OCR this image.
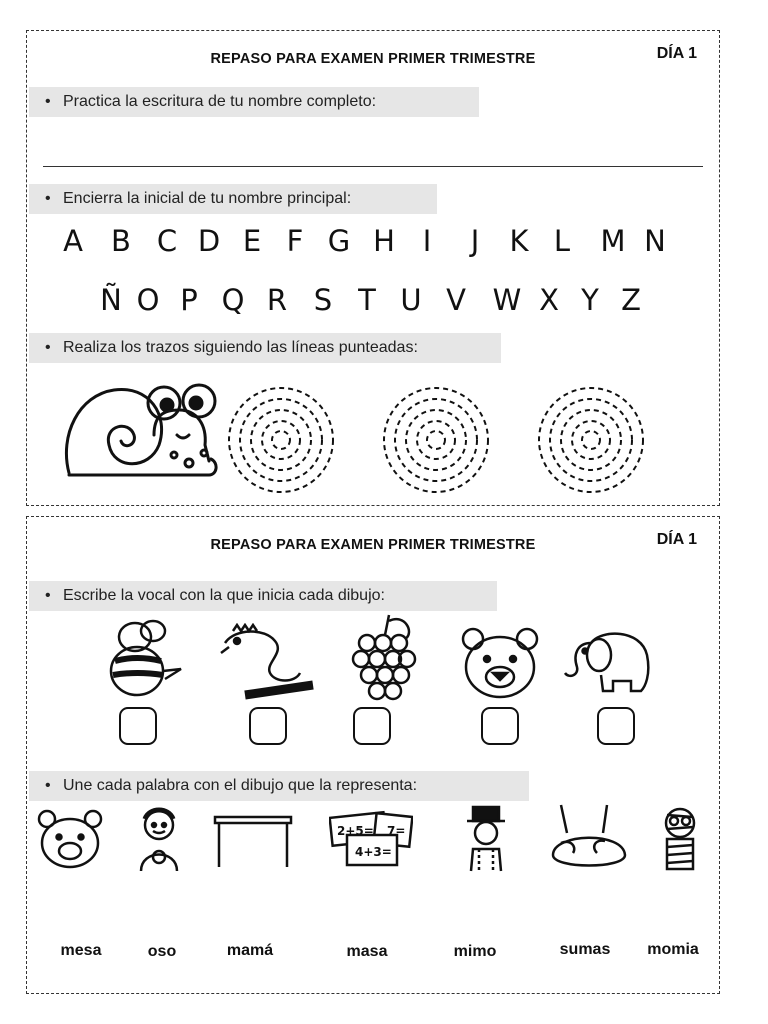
REPASO PARA EXAMEN PRIMER TRIMESTRE	DÍA 1
• Practica la escritura de tu nombre completo:
• Encierra la inicial de tu nombre principal:
A B C D E F G H I J K L M N
Ñ O P Q R S T U V W X Y Z
• Realiza los trazos siguiendo las líneas punteadas:
REPASO PARA EXAMEN PRIMER TRIMESTRE	DÍA 1
• Escribe la vocal con la que inicia cada dibujo:
• Une cada palabra con el dibujo que la representa:
2+5= 7=
4+3=
mesa	oso	mamá	masa	mimo	sumas momia
